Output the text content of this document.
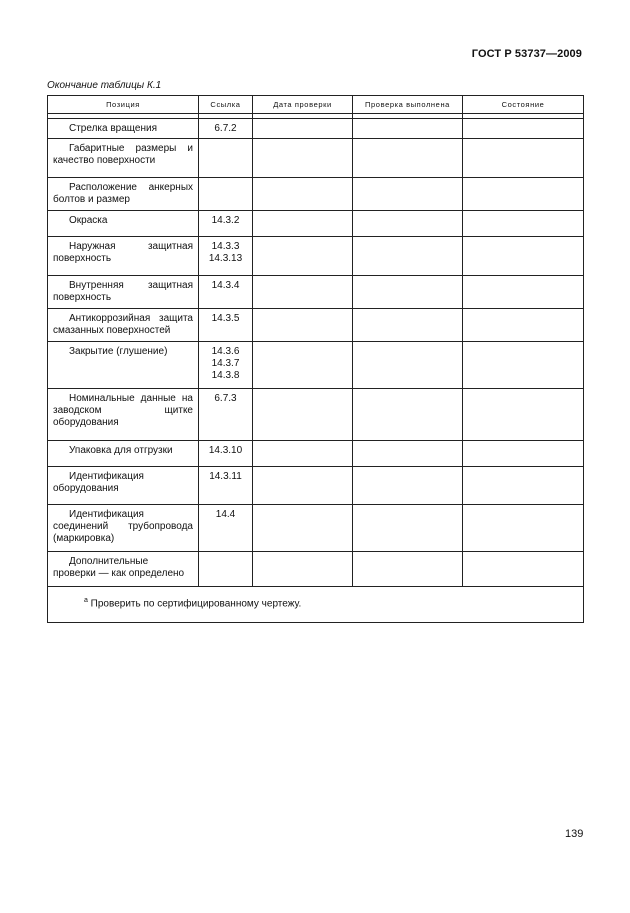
ГОСТ Р 53737—2009
Окончание таблицы К.1
Позиция	Ссылка	Дата проверки	Проверка выполнена	Состояние

Стрелка вращения	6.7.2			

Габаритные размеры и качество поверхности				
Расположение анкерных болтов и размер				
Окраска	14.3.2			

Наружная защитная поверхность	14.3.3
14.3.13			

Внутренняя защитная поверхность	14.3.4			

Антикоррозийная защита смазанных поверхностей	14.3.5			

Закрытие (глушение)	14.3.6
14.3.7
14.3.8			

Номинальные данные на заводском щитке оборудования	6.7.3			

Упаковка для отгрузки	14.3.10			

Идентификация оборудования	14.3.11			

Идентификация соединений трубопровода (маркировка)	14.4			

Дополнительные проверки — как определено				
$^а$ Проверить по сертифицированному чертежу.				
139
